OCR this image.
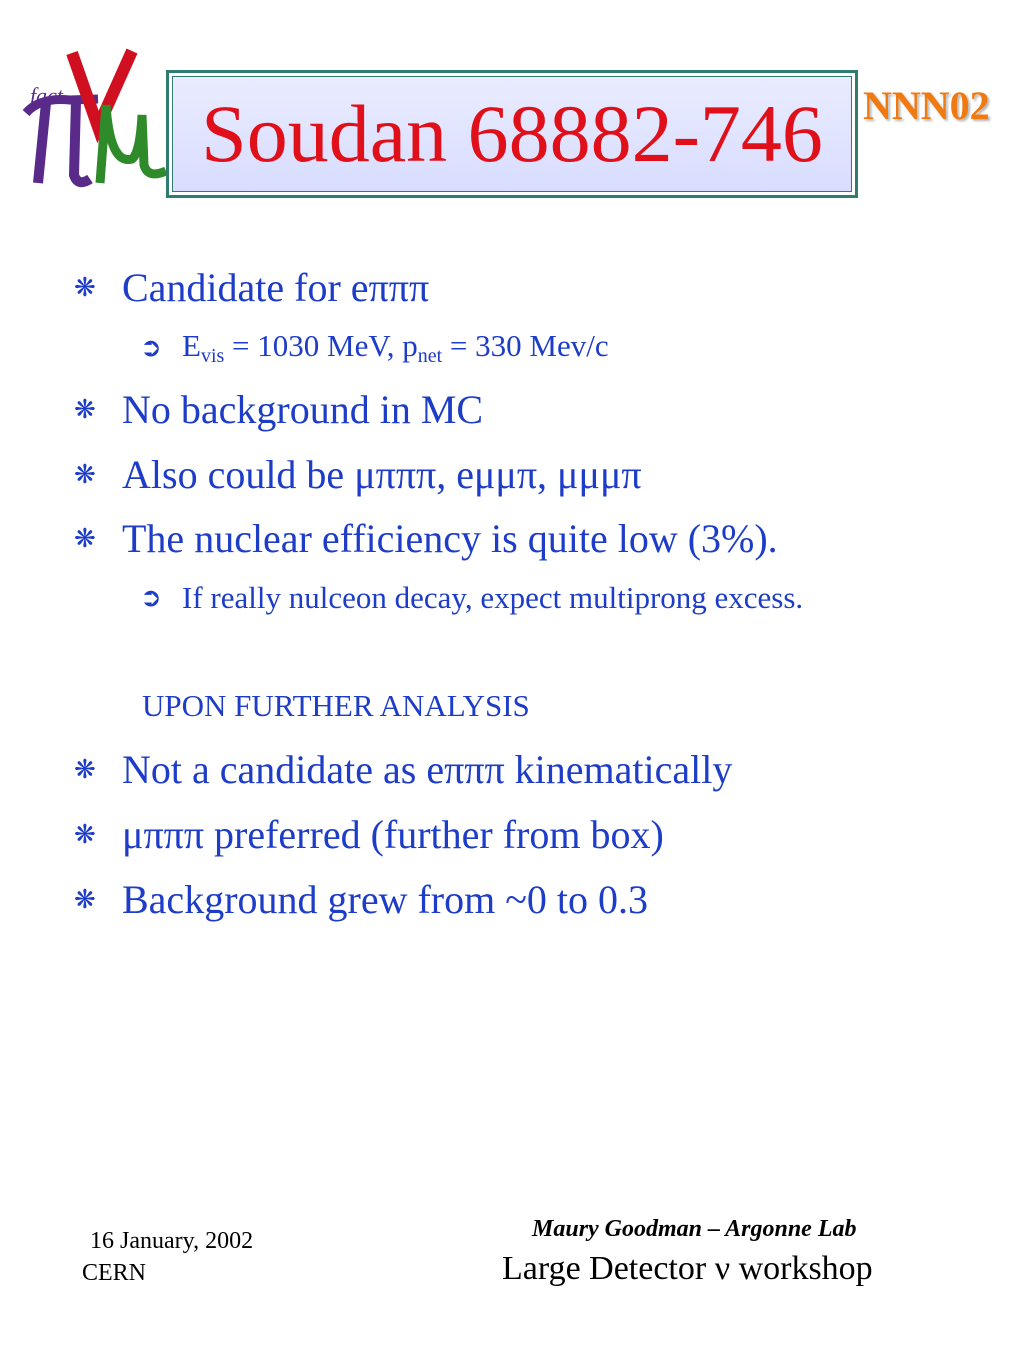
fact Soudan 68882-746 NNN02
❋ Candidate for eπππ
➲ $E_{vis} = 1030$ MeV, $p_{net} = 330$ Mev/c
❋ No background in MC
❋ Also could be μπππ, eμμπ, μμμπ
❋ The nuclear efficiency is quite low (3%).
➲ If really nulceon decay, expect multiprong excess.
UPON FURTHER ANALYSIS
❋ Not a candidate as eπππ kinematically
❋ μπππ preferred (further from box)
❋ Background grew from ~0 to 0.3
16 January, 2002
CERN
Maury Goodman – Argonne Lab
Large Detector ν workshop
